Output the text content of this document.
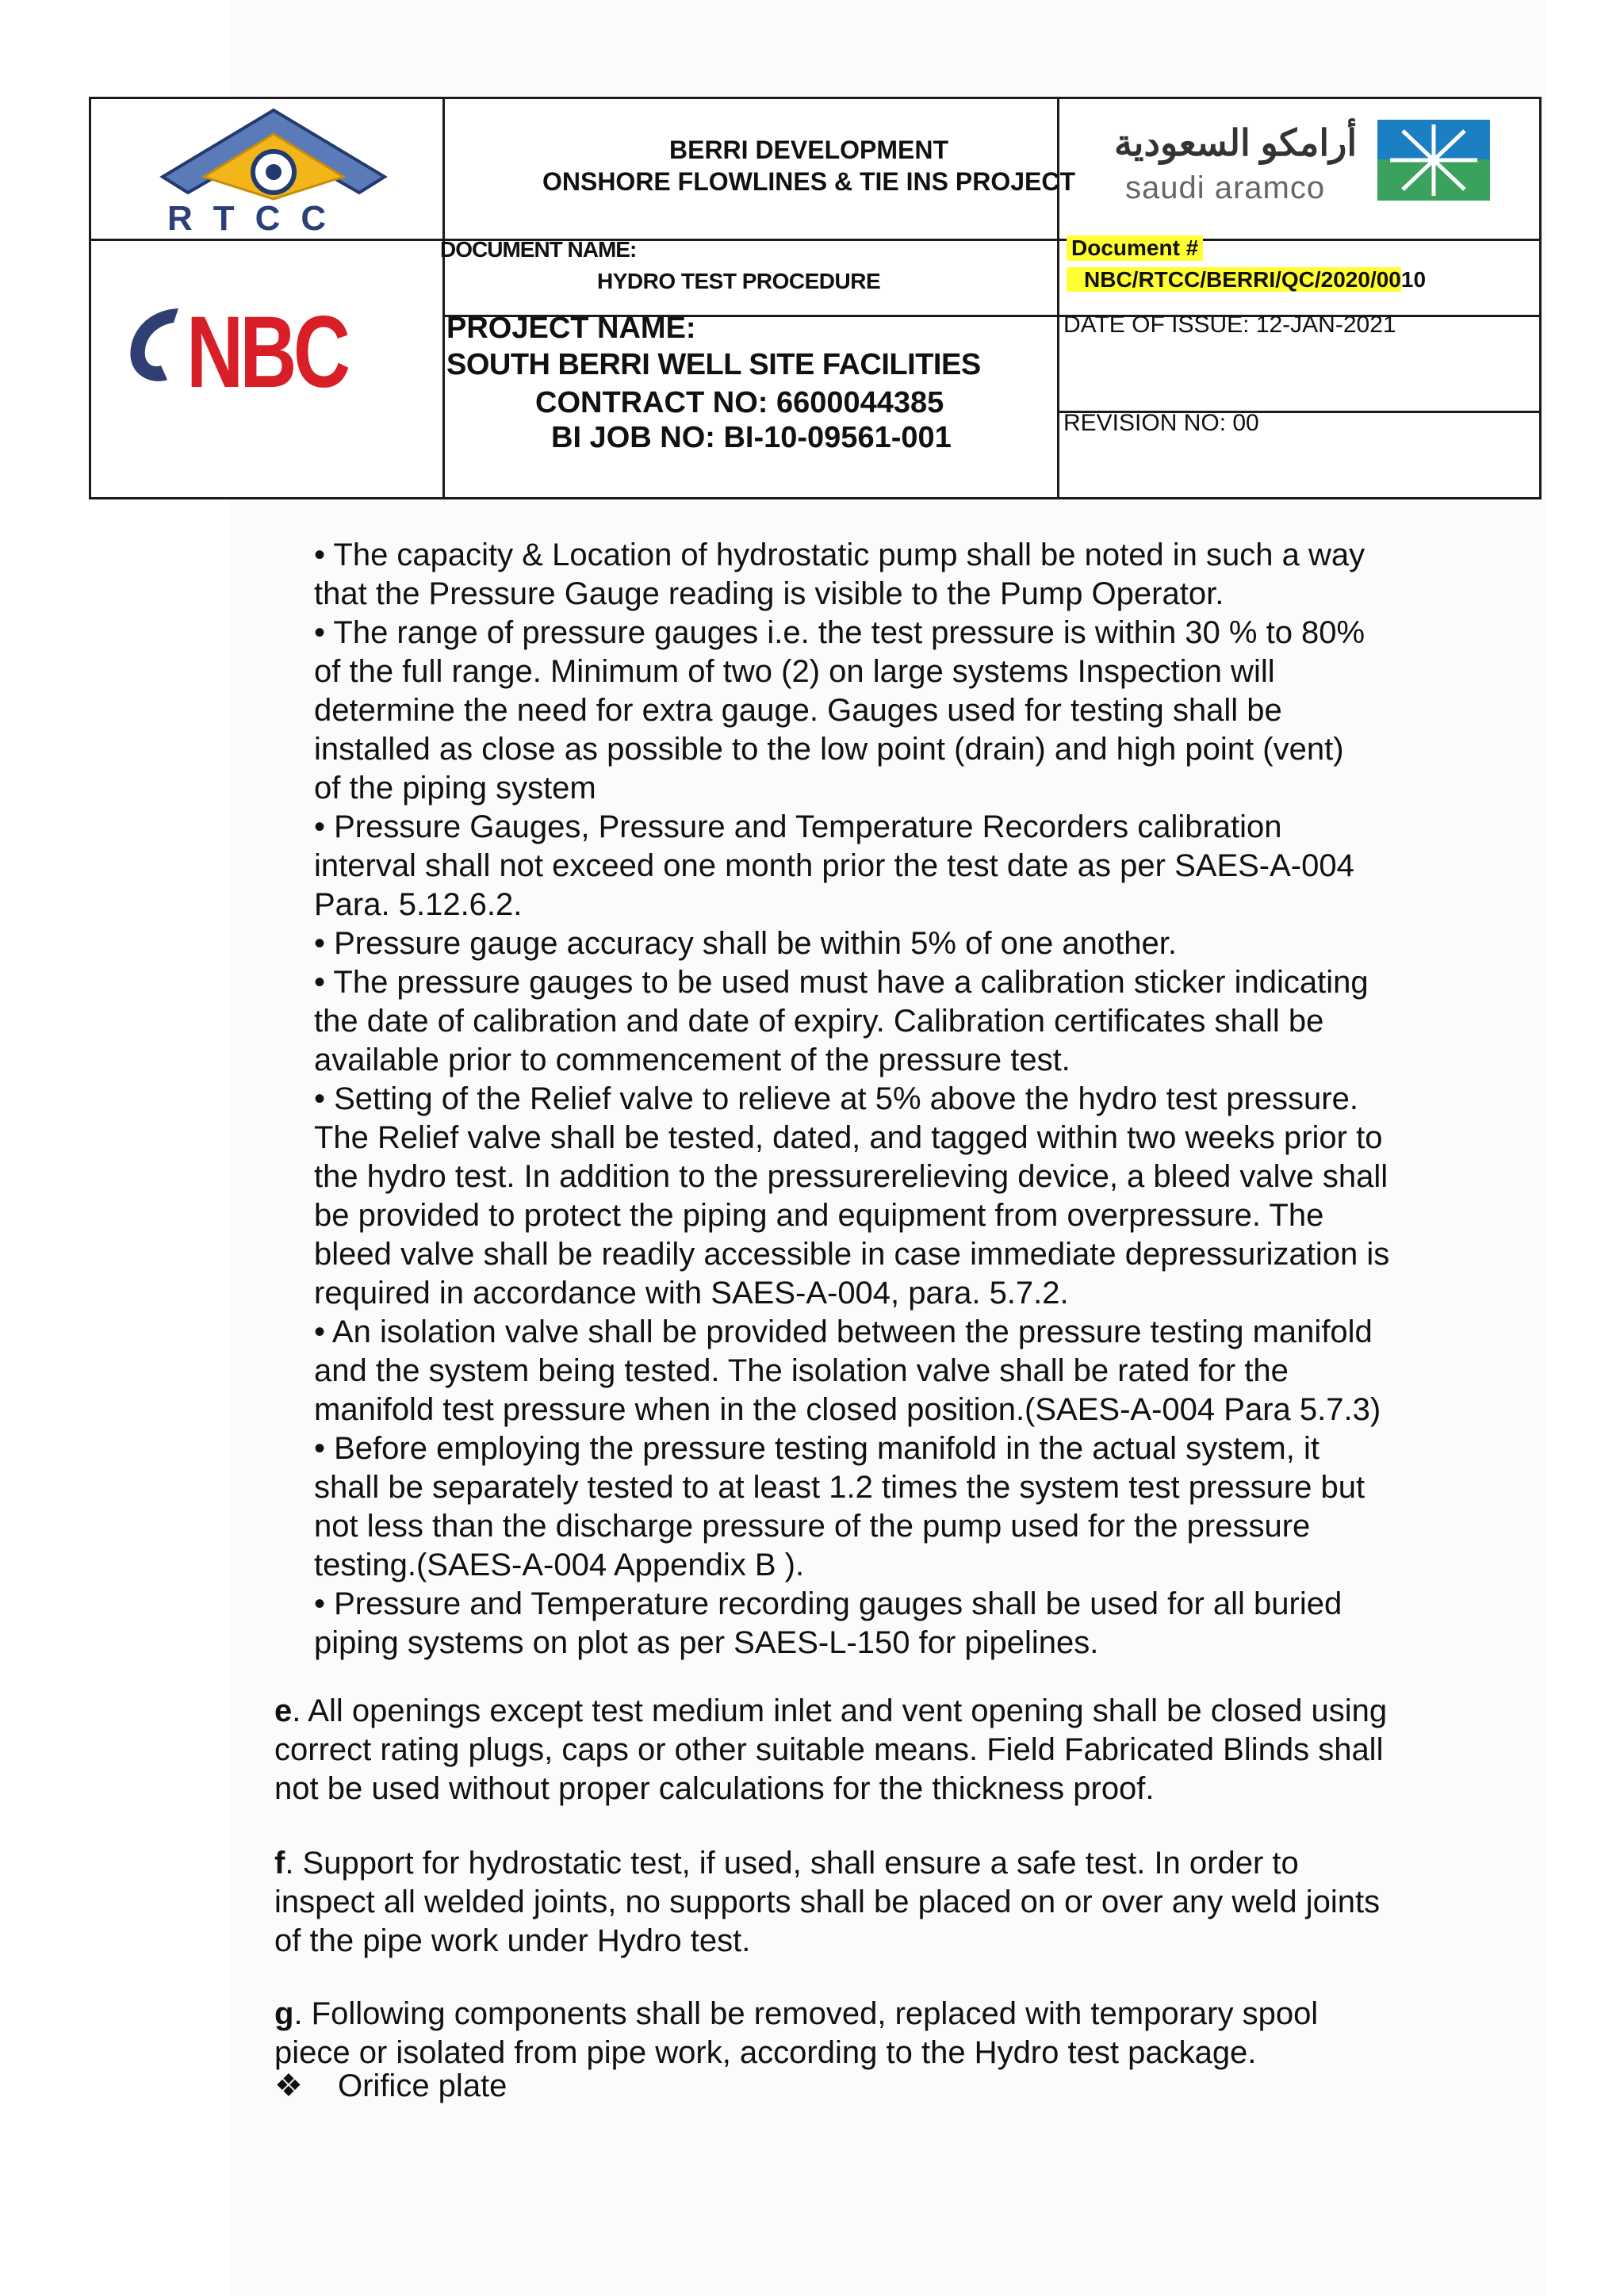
RTCC
NBC
BERRI DEVELOPMENT
ONSHORE FLOWLINES & TIE INS PROJECT
أرامكو السعودية
saudi aramco
DOCUMENT NAME:
HYDRO TEST PROCEDURE
Document #
NBC/RTCC/BERRI/QC/2020/0010
PROJECT NAME:
SOUTH BERRI WELL SITE FACILITIES
CONTRACT NO: 6600044385
BI JOB NO: BI-10-09561-001
DATE OF ISSUE: 12-JAN-2021
REVISION NO: 00
• The capacity & Location of hydrostatic pump shall be noted in such a way
that the Pressure Gauge reading is visible to the Pump Operator.
• The range of pressure gauges i.e. the test pressure is within 30 % to 80%
of the full range. Minimum of two (2) on large systems Inspection will
determine the need for extra gauge. Gauges used for testing shall be
installed as close as possible to the low point (drain) and high point (vent)
of the piping system
• Pressure Gauges, Pressure and Temperature Recorders calibration
interval shall not exceed one month prior the test date as per SAES-A-004
Para. 5.12.6.2.
• Pressure gauge accuracy shall be within 5% of one another.
• The pressure gauges to be used must have a calibration sticker indicating
the date of calibration and date of expiry. Calibration certificates shall be
available prior to commencement of the pressure test.
• Setting of the Relief valve to relieve at 5% above the hydro test pressure.
The Relief valve shall be tested, dated, and tagged within two weeks prior to
the hydro test. In addition to the pressurerelieving device, a bleed valve shall
be provided to protect the piping and equipment from overpressure. The
bleed valve shall be readily accessible in case immediate depressurization is
required in accordance with SAES-A-004, para. 5.7.2.
• An isolation valve shall be provided between the pressure testing manifold
and the system being tested. The isolation valve shall be rated for the
manifold test pressure when in the closed position.(SAES-A-004 Para 5.7.3)
• Before employing the pressure testing manifold in the actual system, it
shall be separately tested to at least 1.2 times the system test pressure but
not less than the discharge pressure of the pump used for the pressure
testing.(SAES-A-004 Appendix B ).
• Pressure and Temperature recording gauges shall be used for all buried
piping systems on plot as per SAES-L-150 for pipelines.
e. All openings except test medium inlet and vent opening shall be closed using
correct rating plugs, caps or other suitable means. Field Fabricated Blinds shall
not be used without proper calculations for the thickness proof.
f. Support for hydrostatic test, if used, shall ensure a safe test. In order to
inspect all welded joints, no supports shall be placed on or over any weld joints
of the pipe work under Hydro test.
g. Following components shall be removed, replaced with temporary spool
piece or isolated from pipe work, according to the Hydro test package.
❖ Orifice plate
